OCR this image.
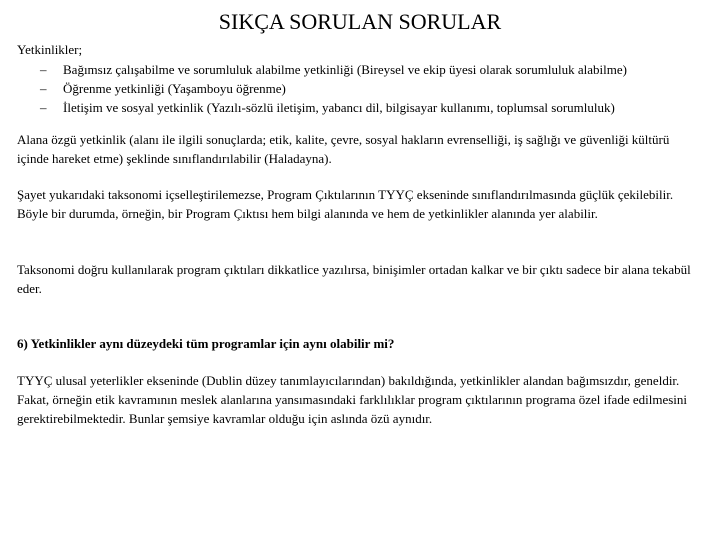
SIKÇA SORULAN SORULAR

Yetkinlikler;

– Bağımsız çalışabilme ve sorumluluk alabilme yetkinliği (Bireysel ve ekip üyesi olarak sorumluluk alabilme)
– Öğrenme yetkinliği (Yaşamboyu öğrenme)
– İletişim ve sosyal yetkinlik (Yazılı-sözlü iletişim, yabancı dil, bilgisayar kullanımı, toplumsal sorumluluk)

Alana özgü yetkinlik (alanı ile ilgili sonuçlarda; etik, kalite, çevre, sosyal hakların evrenselliği, iş sağlığı ve güvenliği kültürü içinde hareket etme) şeklinde sınıflandırılabilir (Haladayna).

Şayet yukarıdaki taksonomi içselleştirilemezse, Program Çıktılarının TYYÇ ekseninde sınıflandırılmasında güçlük çekilebilir. Böyle bir durumda, örneğin, bir Program Çıktısı hem bilgi alanında ve hem de yetkinlikler alanında yer alabilir.

Taksonomi doğru kullanılarak program çıktıları dikkatlice yazılırsa, binişimler ortadan kalkar ve bir çıktı sadece bir alana tekabül eder.

6) Yetkinlikler aynı düzeydeki tüm programlar için aynı olabilir mi?

TYYÇ ulusal yeterlikler ekseninde (Dublin düzey tanımlayıcılarından) bakıldığında, yetkinlikler alandan bağımsızdır, geneldir. Fakat, örneğin etik kavramının meslek alanlarına yansımasındaki farklılıklar program çıktılarının programa özel ifade edilmesini gerektirebilmektedir. Bunlar şemsiye kavramlar olduğu için aslında özü aynıdır.
